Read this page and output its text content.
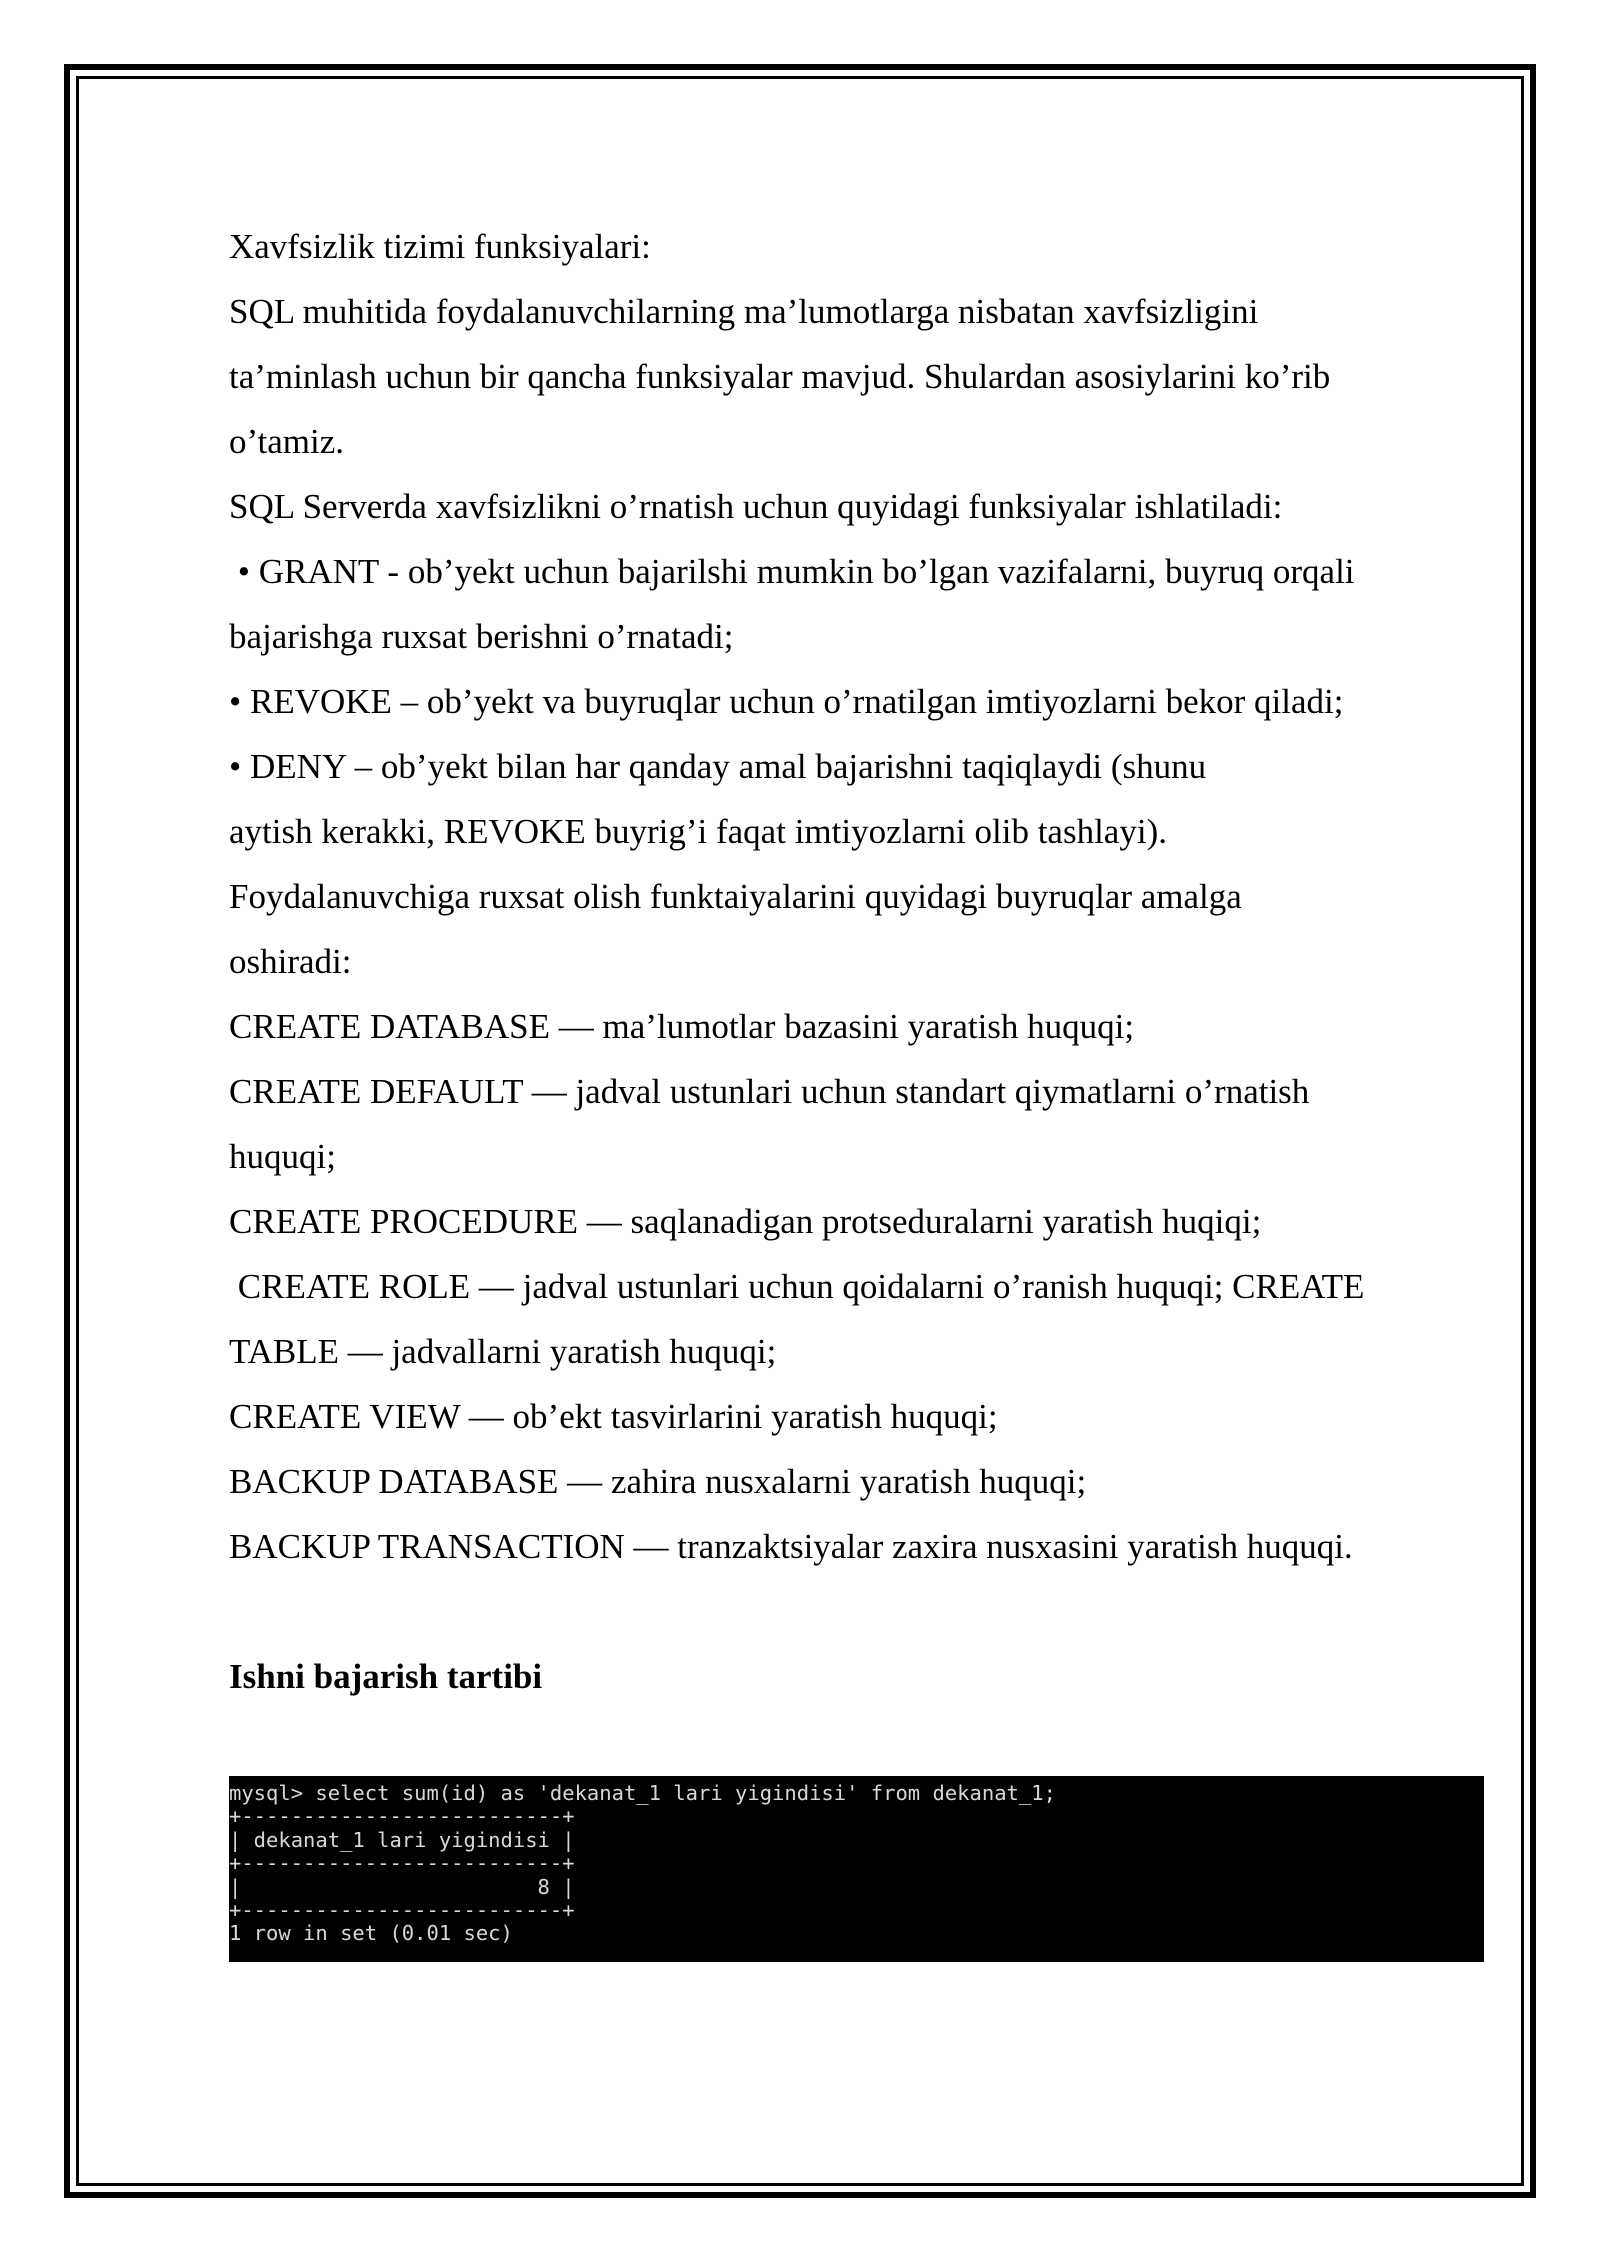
Xavfsizlik tizimi funksiyalari:
SQL muhitida foydalanuvchilarning ma’lumotlarga nisbatan xavfsizligini
ta’minlash uchun bir qancha funksiyalar mavjud. Shulardan asosiylarini ko’rib
o’tamiz.
SQL Serverda xavfsizlikni o’rnatish uchun quyidagi funksiyalar ishlatiladi:
• GRANT - ob’yekt uchun bajarilshi mumkin bo’lgan vazifalarni, buyruq orqali
bajarishga ruxsat berishni o’rnatadi;
• REVOKE – ob’yekt va buyruqlar uchun o’rnatilgan imtiyozlarni bekor qiladi;
• DENY – ob’yekt bilan har qanday amal bajarishni taqiqlaydi (shunu
aytish kerakki, REVOKE buyrig’i faqat imtiyozlarni olib tashlayi).
Foydalanuvchiga ruxsat olish funktaiyalarini quyidagi buyruqlar amalga
oshiradi:
CREATE DATABASE — ma’lumotlar bazasini yaratish huquqi;
CREATE DEFAULT — jadval ustunlari uchun standart qiymatlarni o’rnatish
huquqi;
CREATE PROCEDURE — saqlanadigan protseduralarni yaratish huqiqi;
CREATE ROLE — jadval ustunlari uchun qoidalarni o’ranish huquqi; CREATE
TABLE — jadvallarni yaratish huquqi;
CREATE VIEW — ob’ekt tasvirlarini yaratish huquqi;
BACKUP DATABASE — zahira nusxalarni yaratish huquqi;
BACKUP TRANSACTION — tranzaktsiyalar zaxira nusxasini yaratish huquqi.
Ishni bajarish tartibi
mysql> select sum(id) as 'dekanat_1 lari yigindisi' from dekanat_1;
+--------------------------+
| dekanat_1 lari yigindisi |
+--------------------------+
|                        8 |
+--------------------------+
1 row in set (0.01 sec)
